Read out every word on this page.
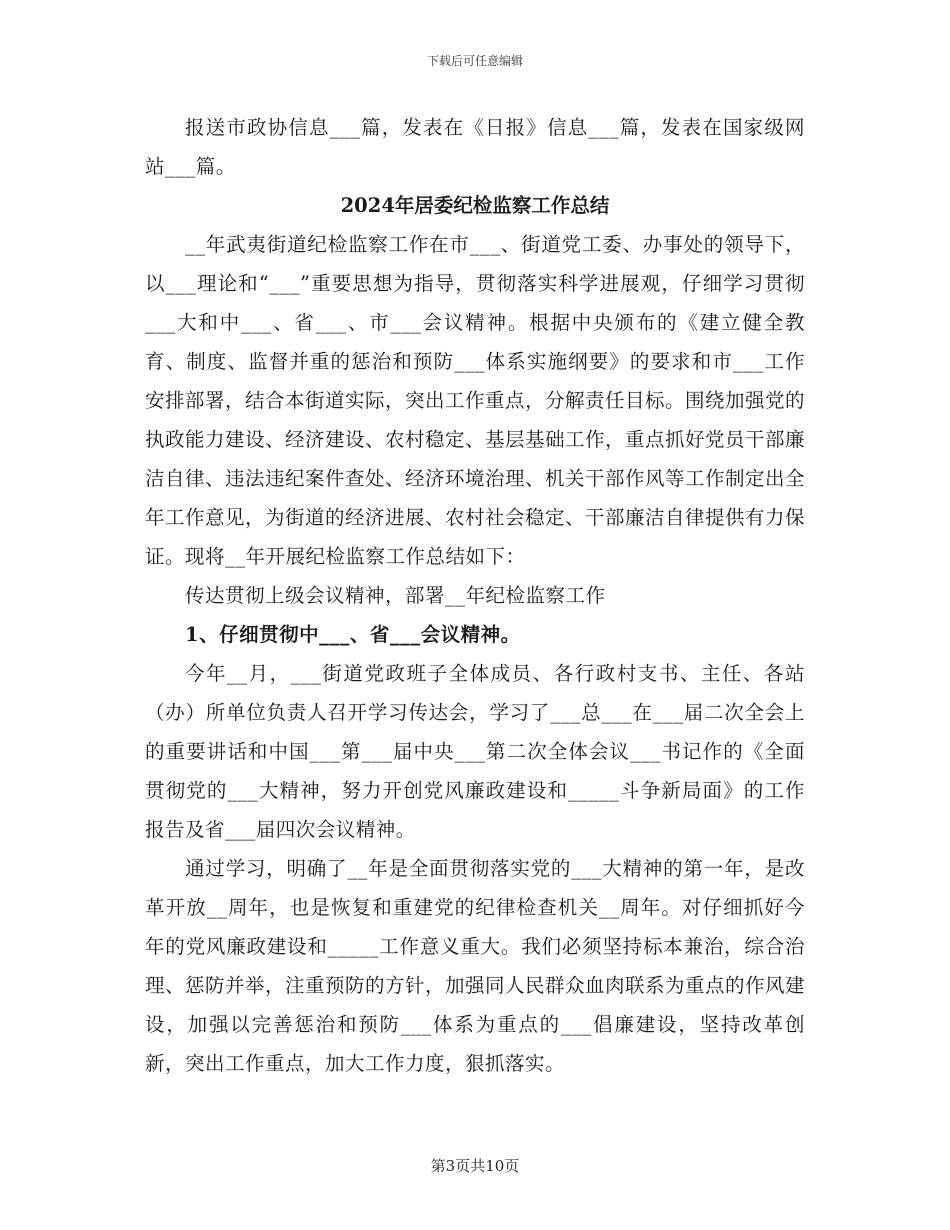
下载后可任意编辑

报送市政协信息___篇，发表在《日报》信息___篇，发表在国家级网站___篇。

2024年居委纪检监察工作总结

__年武夷街道纪检监察工作在市___、街道党工委、办事处的领导下，以___理论和“___”重要思想为指导，贯彻落实科学进展观，仔细学习贯彻___大和中___、省___、市___会议精神。根据中央颁布的《建立健全教育、制度、监督并重的惩治和预防___体系实施纲要》的要求和市___工作安排部署，结合本街道实际，突出工作重点，分解责任目标。围绕加强党的执政能力建设、经济建设、农村稳定、基层基础工作，重点抓好党员干部廉洁自律、违法违纪案件查处、经济环境治理、机关干部作风等工作制定出全年工作意见，为街道的经济进展、农村社会稳定、干部廉洁自律提供有力保证。现将__年开展纪检监察工作总结如下：

传达贯彻上级会议精神，部署__年纪检监察工作

1、仔细贯彻中___、省___会议精神。

今年__月，___街道党政班子全体成员、各行政村支书、主任、各站（办）所单位负责人召开学习传达会，学习了___总___在___届二次全会上的重要讲话和中国___第___届中央___第二次全体会议___书记作的《全面贯彻党的___大精神，努力开创党风廉政建设和_____斗争新局面》的工作报告及省___届四次会议精神。

通过学习，明确了__年是全面贯彻落实党的___大精神的第一年，是改革开放__周年，也是恢复和重建党的纪律检查机关__周年。对仔细抓好今年的党风廉政建设和_____工作意义重大。我们必须坚持标本兼治，综合治理、惩防并举，注重预防的方针，加强同人民群众血肉联系为重点的作风建设，加强以完善惩治和预防___体系为重点的___倡廉建设，坚持改革创新，突出工作重点，加大工作力度，狠抓落实。

第3页共10页
